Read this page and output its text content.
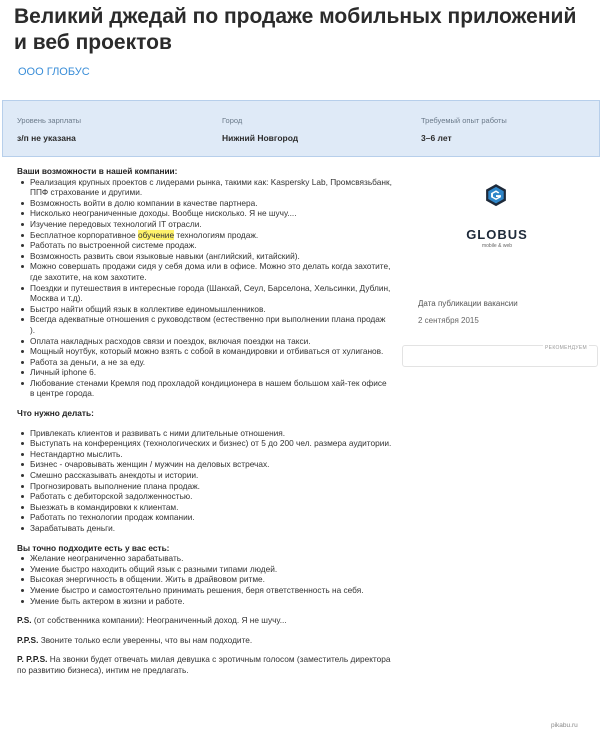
Великий джедай по продаже мобильных приложений и веб проектов
ООО ГЛОБУС
Уровень зарплаты
з/п не указана
Город
Нижний Новгород
Требуемый опыт работы
3–6 лет
Ваши возможности в нашей компании:
Реализация крупных проектов с лидерами рынка, такими как: Kaspersky Lab, Промсвязьбанк, ППФ страхование и другими.
Возможность войти в долю компании в качестве партнера.
Нисколько неограниченные доходы. Вообще нисколько. Я не шучу....
Изучение передовых технологий IT отрасли.
Бесплатное корпоративное обучение технологиям продаж.
Работать по выстроенной системе продаж.
Возможность развить свои языковые навыки (английский, китайский).
Можно совершать продажи сидя у себя дома или в офисе. Можно это делать когда захотите, где захотите, на ком захотите.
Поездки и путешествия в интересные города (Шанхай, Сеул, Барселона, Хельсинки, Дублин, Москва и т.д).
Быстро найти общий язык в коллективе единомышленников.
Всегда адекватные отношения с руководством (естественно при выполнении плана продаж ).
Оплата накладных расходов связи и поездок, включая поездки на такси.
Мощный ноутбук, который можно взять с собой в командировки и отбиваться от хулиганов.
Работа за деньги, а не за еду.
Личный iphone 6.
Любование стенами Кремля под прохладой кондиционера в нашем большом хай-тек офисе в центре города.
Что нужно делать:
Привлекать клиентов и развивать с ними длительные отношения.
Выступать на конференциях (технологических и бизнес) от 5 до 200 чел. размера аудитории.
Нестандартно мыслить.
Бизнес - очаровывать женщин / мужчин на деловых встречах.
Смешно рассказывать анекдоты и истории.
Прогнозировать выполнение плана продаж.
Работать с дебиторской задолженностью.
Выезжать в командировки к клиентам.
Работать по технологии продаж компании.
Зарабатывать деньги.
Вы точно подходите есть у вас есть:
Желание неограниченно зарабатывать.
Умение быстро находить общий язык с разными типами людей.
Высокая энергичность в общении. Жить в драйвовом ритме.
Умение быстро и самостоятельно принимать решения, беря ответственность на себя.
Умение быть актером в жизни и работе.

P.S. (от собственника компании): Неограниченный доход. Я не шучу...

P.P.S. Звоните только если уверенны, что вы нам подходите.

P. P.P.S. На звонки будет отвечать милая девушка с эротичным голосом (заместитель директора по развитию бизнеса), интим не предлагать.

GLOBUS
mobile & web
Дата публикации вакансии
2 сентября 2015
РЕКОМЕНДУЕМ
pikabu.ru
